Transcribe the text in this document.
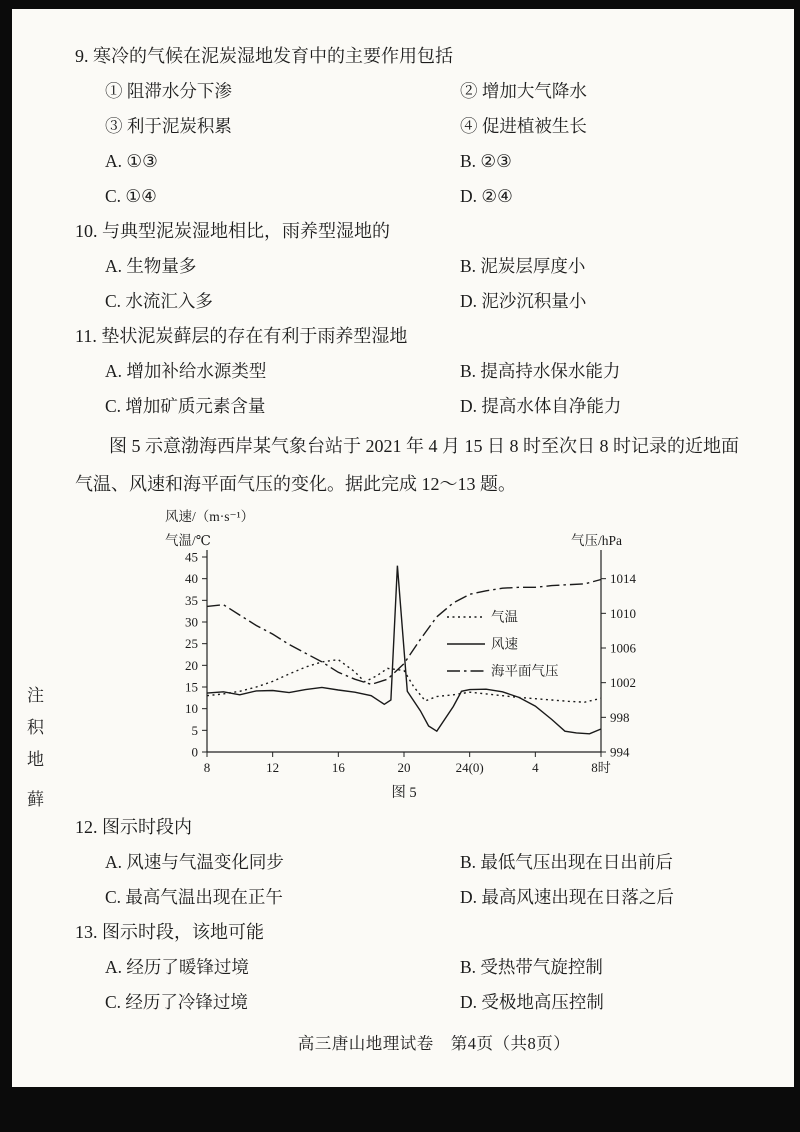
注
积
地
藓
9. 寒冷的气候在泥炭湿地发育中的主要作用包括
① 阻滞水分下渗	② 增加大气降水
③ 利于泥炭积累	④ 促进植被生长
A. ①③	B. ②③
C. ①④	D. ②④
10. 与典型泥炭湿地相比，雨养型湿地的
A. 生物量多	B. 泥炭层厚度小
C. 水流汇入多	D. 泥沙沉积量小
11. 垫状泥炭藓层的存在有利于雨养型湿地
A. 增加补给水源类型	B. 提高持水保水能力
C. 增加矿质元素含量	D. 提高水体自净能力
图 5 示意渤海西岸某气象台站于 2021 年 4 月 15 日 8 时至次日 8 时记录的近地面
气温、风速和海平面气压的变化。据此完成 12～13 题。
45
40
35
30
25
20
15
10
5
0
1014
1010
1006
1002
998
994
8	12	16	20	24(0)	4	8时
风速/（m·s⁻¹）
气温/℃	气压/hPa
气温
风速
海平面气压
图 5
12. 图示时段内
A. 风速与气温变化同步	B. 最低气压出现在日出前后
C. 最高气温出现在正午	D. 最高风速出现在日落之后
13. 图示时段，该地可能
A. 经历了暖锋过境	B. 受热带气旋控制
C. 经历了冷锋过境	D. 受极地高压控制
高三唐山地理试卷　第4页（共8页）
